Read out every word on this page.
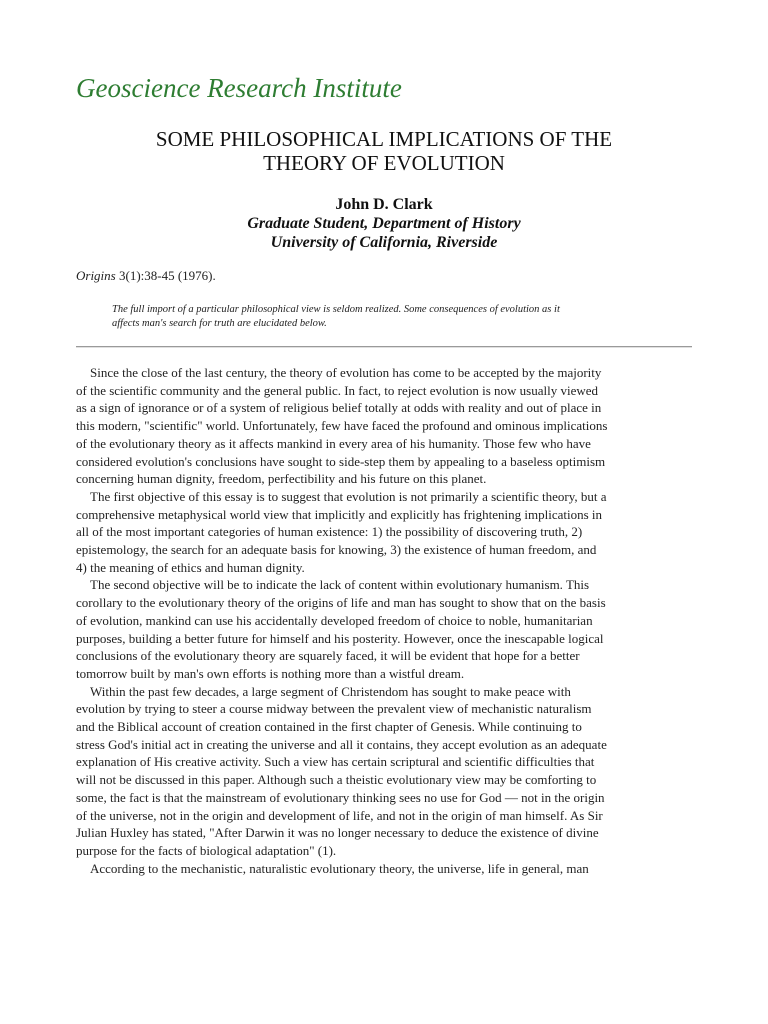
Geoscience Research Institute
SOME PHILOSOPHICAL IMPLICATIONS OF THE
THEORY OF EVOLUTION
John D. Clark
Graduate Student, Department of History
University of California, Riverside
Origins 3(1):38-45 (1976).
The full import of a particular philosophical view is seldom realized. Some consequences of evolution as it
affects man's search for truth are elucidated below.

Since the close of the last century, the theory of evolution has come to be accepted by the majority
of the scientific community and the general public. In fact, to reject evolution is now usually viewed
as a sign of ignorance or of a system of religious belief totally at odds with reality and out of place in
this modern, "scientific" world. Unfortunately, few have faced the profound and ominous implications
of the evolutionary theory as it affects mankind in every area of his humanity. Those few who have
considered evolution's conclusions have sought to side-step them by appealing to a baseless optimism
concerning human dignity, freedom, perfectibility and his future on this planet.

The first objective of this essay is to suggest that evolution is not primarily a scientific theory, but a
comprehensive metaphysical world view that implicitly and explicitly has frightening implications in
all of the most important categories of human existence: 1) the possibility of discovering truth, 2)
epistemology, the search for an adequate basis for knowing, 3) the existence of human freedom, and
4) the meaning of ethics and human dignity.

The second objective will be to indicate the lack of content within evolutionary humanism. This
corollary to the evolutionary theory of the origins of life and man has sought to show that on the basis
of evolution, mankind can use his accidentally developed freedom of choice to noble, humanitarian
purposes, building a better future for himself and his posterity. However, once the inescapable logical
conclusions of the evolutionary theory are squarely faced, it will be evident that hope for a better
tomorrow built by man's own efforts is nothing more than a wistful dream.

Within the past few decades, a large segment of Christendom has sought to make peace with
evolution by trying to steer a course midway between the prevalent view of mechanistic naturalism
and the Biblical account of creation contained in the first chapter of Genesis. While continuing to
stress God's initial act in creating the universe and all it contains, they accept evolution as an adequate
explanation of His creative activity. Such a view has certain scriptural and scientific difficulties that
will not be discussed in this paper. Although such a theistic evolutionary view may be comforting to
some, the fact is that the mainstream of evolutionary thinking sees no use for God — not in the origin
of the universe, not in the origin and development of life, and not in the origin of man himself. As Sir
Julian Huxley has stated, "After Darwin it was no longer necessary to deduce the existence of divine
purpose for the facts of biological adaptation" (1).

According to the mechanistic, naturalistic evolutionary theory, the universe, life in general, man
